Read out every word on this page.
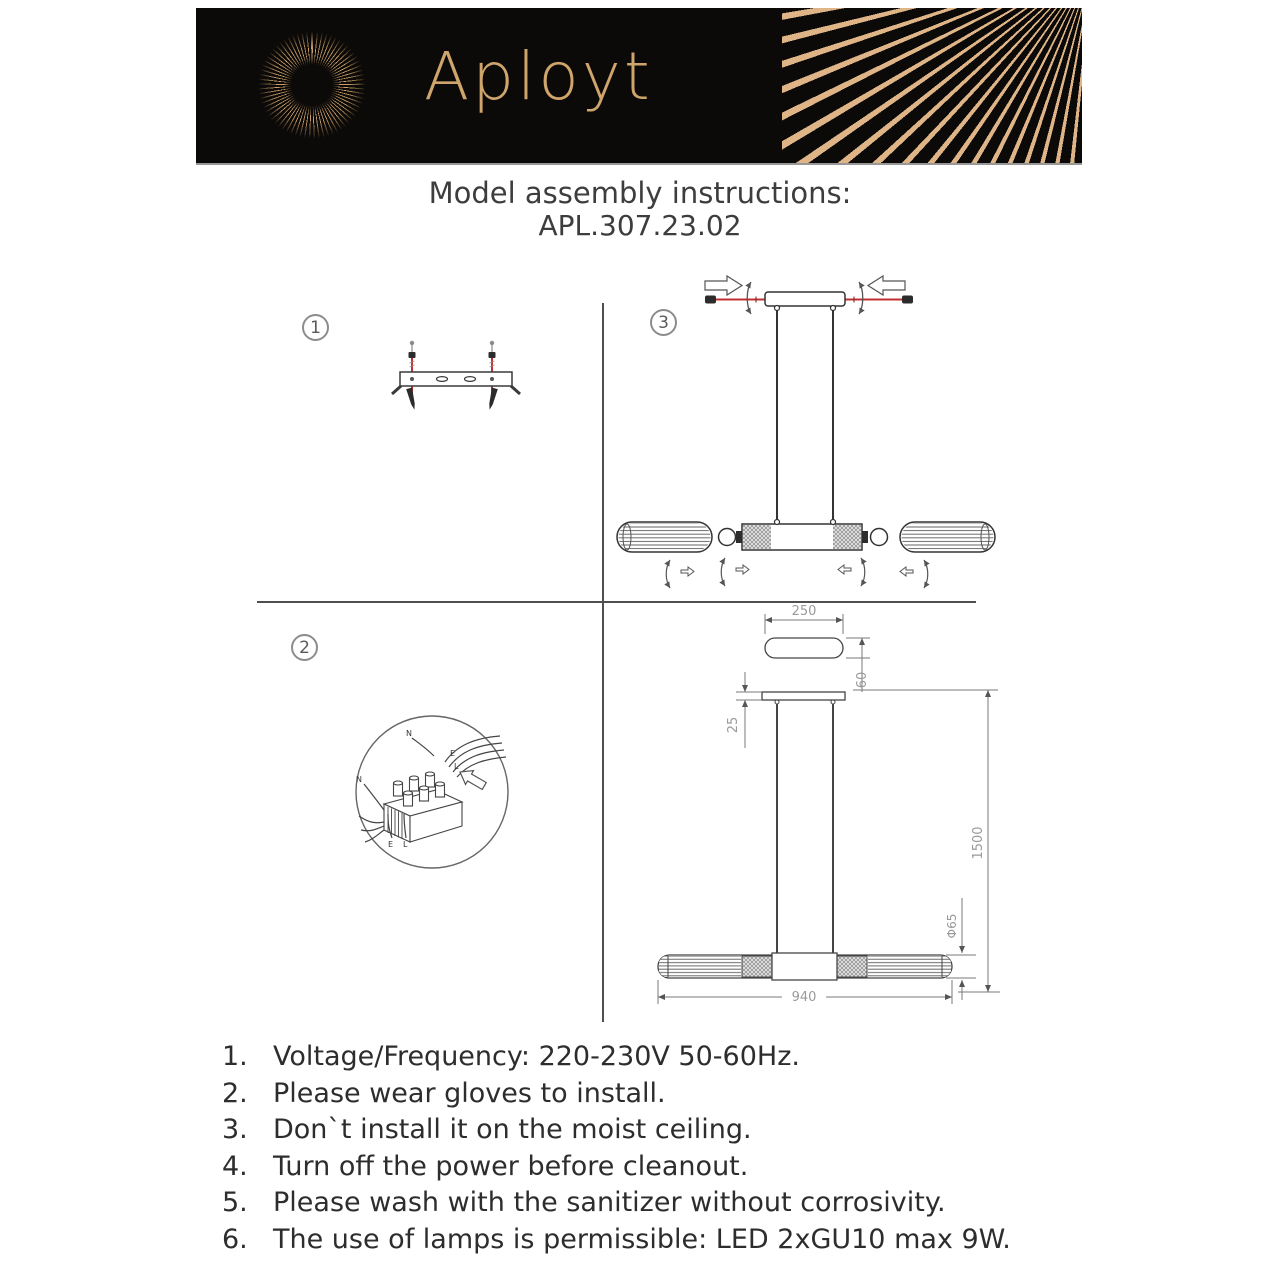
Aployt
Model assembly instructions:
APL.307.23.02
1
2
3
N
E
L
N
E L
250
60
25
1500
Φ65
940
1. Voltage/Frequency: 220-230V 50-60Hz.
2. Please wear gloves to install.
3. Don`t install it on the moist ceiling.
4. Turn off the power before cleanout.
5. Please wash with the sanitizer without corrosivity.
6. The use of lamps is permissible: LED 2xGU10 max 9W.
